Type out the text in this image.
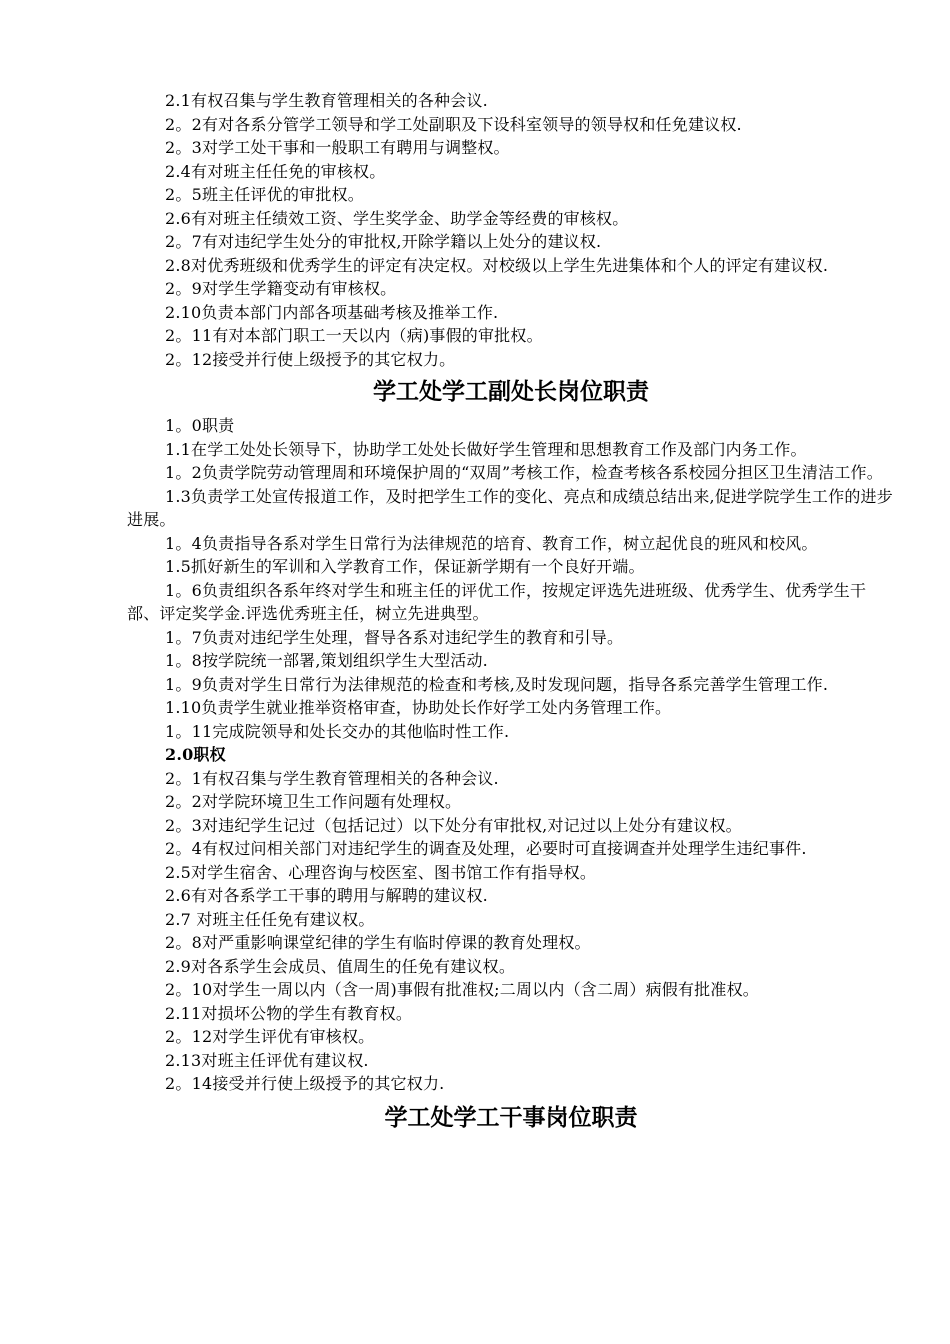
2.1有权召集与学生教育管理相关的各种会议.

2。2有对各系分管学工领导和学工处副职及下设科室领导的领导权和任免建议权.

2。3对学工处干事和一般职工有聘用与调整权。

2.4有对班主任任免的审核权。

2。5班主任评优的审批权。

2.6有对班主任绩效工资、学生奖学金、助学金等经费的审核权。

2。7有对违纪学生处分的审批权,开除学籍以上处分的建议权.

2.8对优秀班级和优秀学生的评定有决定权。对校级以上学生先进集体和个人的评定有建议权.

2。9对学生学籍变动有审核权。

2.10负责本部门内部各项基础考核及推举工作.

2。11有对本部门职工一天以内（病)事假的审批权。

2。12接受并行使上级授予的其它权力。

学工处学工副处长岗位职责

1。0职责

1.1在学工处处长领导下，协助学工处处长做好学生管理和思想教育工作及部门内务工作。

1。2负责学院劳动管理周和环境保护周的“双周”考核工作，检查考核各系校园分担区卫生清洁工作。

1.3负责学工处宣传报道工作，及时把学生工作的变化、亮点和成绩总结出来,促进学院学生工作的进步进展。

1。4负责指导各系对学生日常行为法律规范的培育、教育工作，树立起优良的班风和校风。

1.5抓好新生的军训和入学教育工作，保证新学期有一个良好开端。

1。6负责组织各系年终对学生和班主任的评优工作，按规定评选先进班级、优秀学生、优秀学生干部、评定奖学金.评选优秀班主任，树立先进典型。

1。7负责对违纪学生处理，督导各系对违纪学生的教育和引导。

1。8按学院统一部署,策划组织学生大型活动.

1。9负责对学生日常行为法律规范的检查和考核,及时发现问题，指导各系完善学生管理工作.

1.10负责学生就业推举资格审查，协助处长作好学工处内务管理工作。

1。11完成院领导和处长交办的其他临时性工作.

2.0职权

2。1有权召集与学生教育管理相关的各种会议.

2。2对学院环境卫生工作问题有处理权。

2。3对违纪学生记过（包括记过）以下处分有审批权,对记过以上处分有建议权。

2。4有权过问相关部门对违纪学生的调查及处理，必要时可直接调查并处理学生违纪事件.

2.5对学生宿舍、心理咨询与校医室、图书馆工作有指导权。

2.6有对各系学工干事的聘用与解聘的建议权.

2.7 对班主任任免有建议权。

2。8对严重影响课堂纪律的学生有临时停课的教育处理权。

2.9对各系学生会成员、值周生的任免有建议权。

2。10对学生一周以内（含一周)事假有批准权;二周以内（含二周）病假有批准权。

2.11对损坏公物的学生有教育权。

2。12对学生评优有审核权。

2.13对班主任评优有建议权.

2。14接受并行使上级授予的其它权力.

学工处学工干事岗位职责
